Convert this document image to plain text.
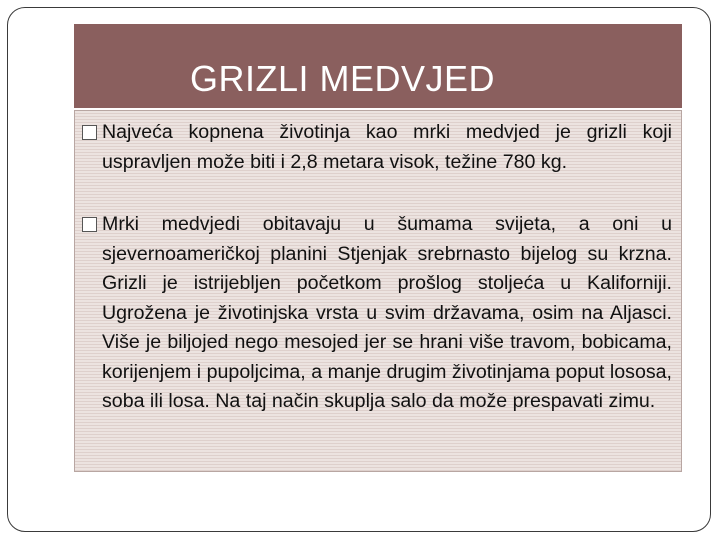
GRIZLI MEDVJED
Najveća kopnena životinja kao mrki medvjed je grizli koji uspravljen može biti i 2,8 metara visok, težine 780 kg.
Mrki medvjedi obitavaju u šumama svijeta, a oni u sjevernoameričkoj planini Stjenjak srebrnasto bijelog su krzna. Grizli je istrijebljen početkom prošlog stoljeća u Kaliforniji. Ugrožena je životinjska vrsta u svim državama, osim na Aljasci. Više je biljojed nego mesojed jer se hrani više travom, bobicama, korijenjem i pupoljcima, a manje drugim životinjama poput lososa, soba ili losa. Na taj način skuplja salo da može prespavati zimu.
